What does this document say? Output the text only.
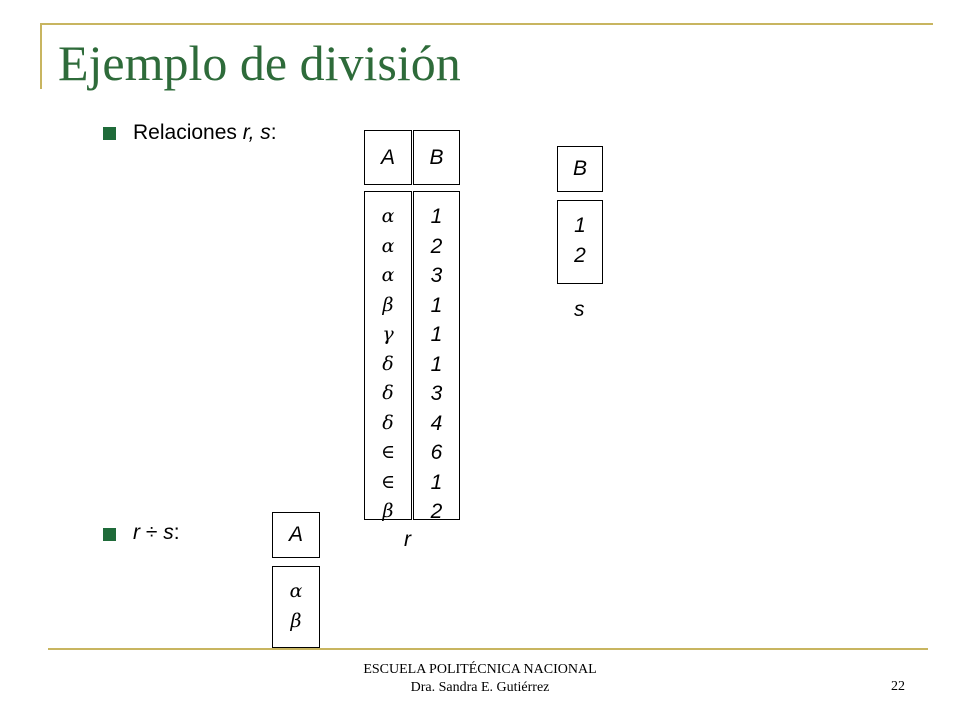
Ejemplo de división
Relaciones r, s:
r ÷ s:
A B
α
α
α
β
γ
δ
δ
δ
∈
∈
β
1
2
3
1
1
1
3
4
6
1
2
r
B
1
2
s
A
α
β
ESCUELA POLITÉCNICA NACIONAL
Dra. Sandra E. Gutiérrez	22
